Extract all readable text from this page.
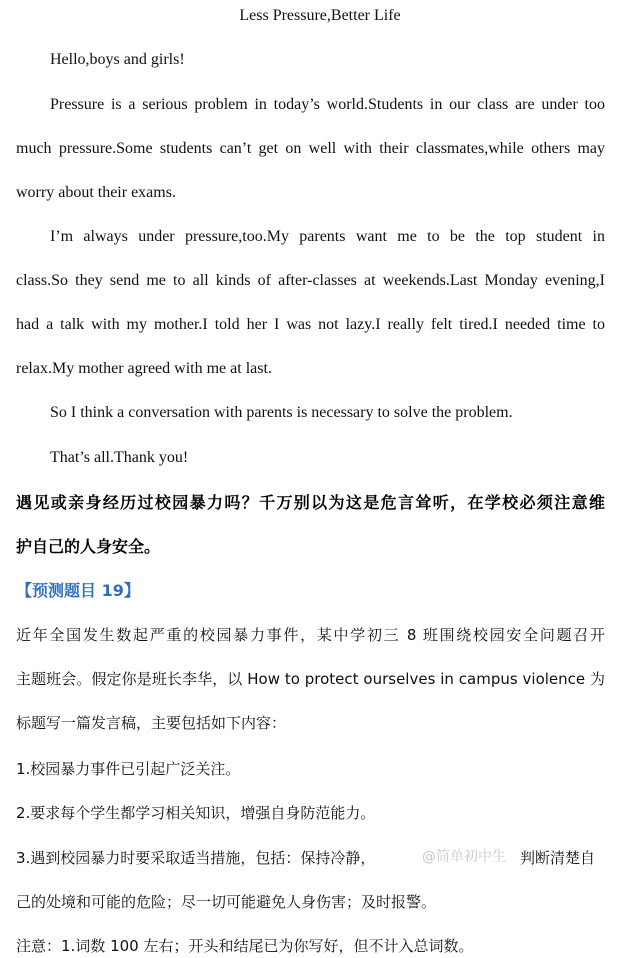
Less Pressure,Better Life
Hello,boys and girls!
Pressure is a serious problem in today’s world.Students in our class are under too
much pressure.Some students can’t get on well with their classmates,while others may
worry about their exams.
I’m always under pressure,too.My parents want me to be the top student in
class.So they send me to all kinds of after-classes at weekends.Last Monday evening,I
had a talk with my mother.I told her I was not lazy.I really felt tired.I needed time to
relax.My mother agreed with me at last.
So I think a conversation with parents is necessary to solve the problem.
That’s all.Thank you!
遇见或亲身经历过校园暴力吗？千万别以为这是危言耸听，在学校必须注意维
护自己的人身安全。
【预测题目 19】
近年全国发生数起严重的校园暴力事件，某中学初三 8 班围绕校园安全问题召开
主题班会。假定你是班长李华，以 How to protect ourselves in campus violence 为
标题写一篇发言稿，主要包括如下内容：
1.校园暴力事件已引起广泛关注。
2.要求每个学生都学习相关知识，增强自身防范能力。
3.遇到校园暴力时要采取适当措施，包括：保持冷静，	@简单初中生 判断清楚自
己的处境和可能的危险；尽一切可能避免人身伤害；及时报警。
注意：1.词数 100 左右；开头和结尾已为你写好，但不计入总词数。
